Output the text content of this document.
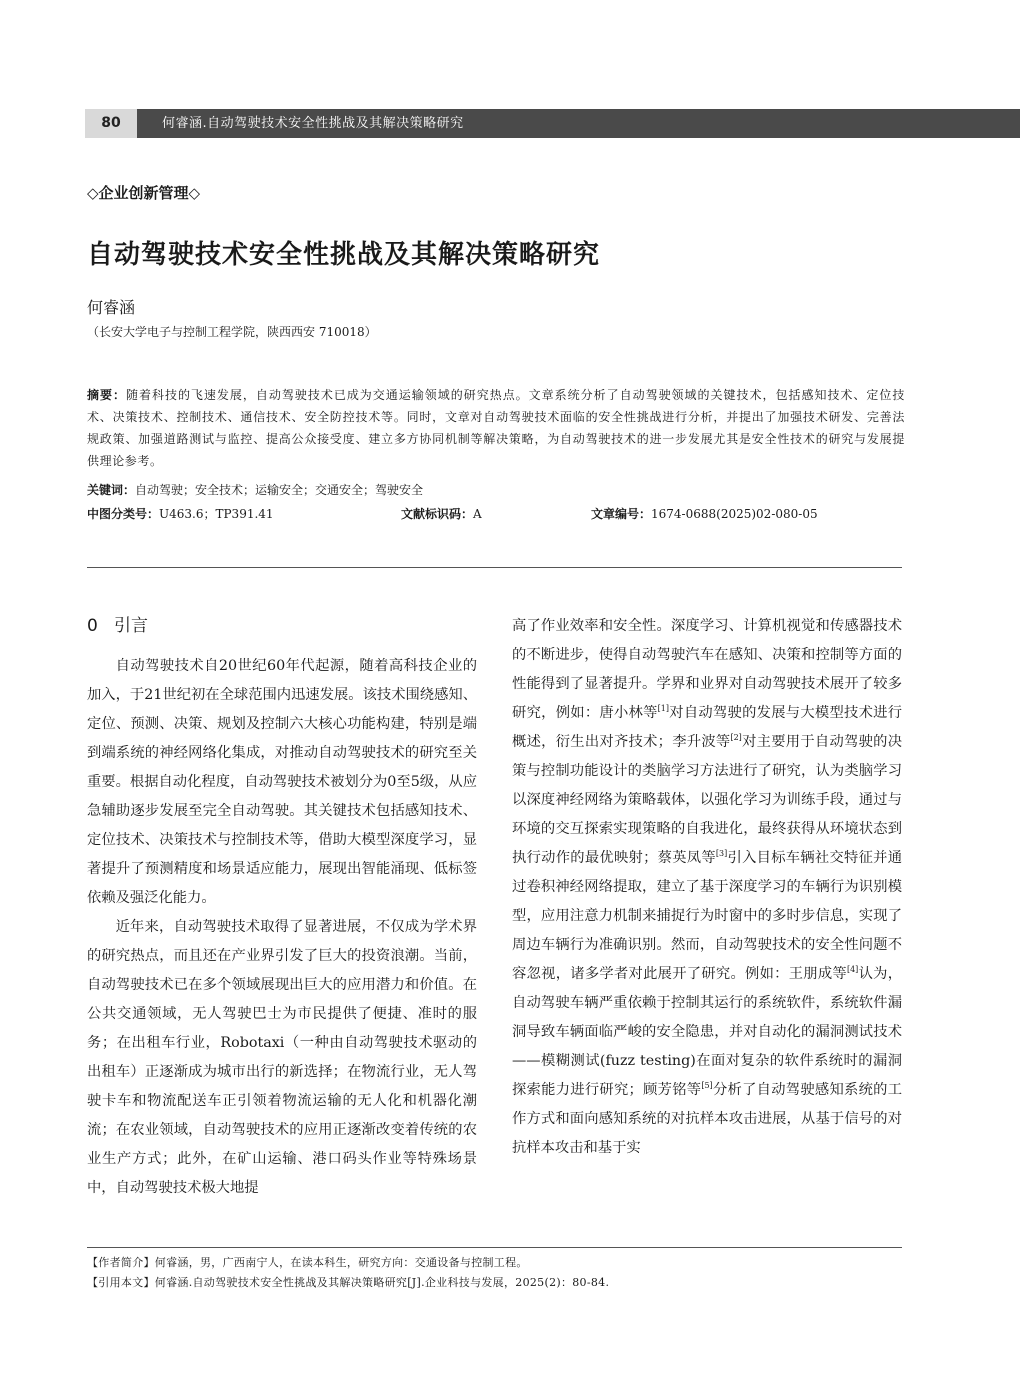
80	何睿涵.自动驾驶技术安全性挑战及其解决策略研究
◇企业创新管理◇
自动驾驶技术安全性挑战及其解决策略研究
何睿涵
（长安大学电子与控制工程学院，陕西西安 710018）
摘要：随着科技的飞速发展，自动驾驶技术已成为交通运输领域的研究热点。文章系统分析了自动驾驶领域的关键技术，包括感知技术、定位技术、决策技术、控制技术、通信技术、安全防控技术等。同时，文章对自动驾驶技术面临的安全性挑战进行分析，并提出了加强技术研发、完善法规政策、加强道路测试与监控、提高公众接受度、建立多方协同机制等解决策略，为自动驾驶技术的进一步发展尤其是安全性技术的研究与发展提供理论参考。
关键词：自动驾驶；安全技术；运输安全；交通安全；驾驶安全
中图分类号：U463.6；TP391.41	文献标识码：A	文章编号：1674-0688(2025)02-080-05

0 引言

自动驾驶技术自20世纪60年代起源，随着高科技企业的加入，于21世纪初在全球范围内迅速发展。该技术围绕感知、定位、预测、决策、规划及控制六大核心功能构建，特别是端到端系统的神经网络化集成，对推动自动驾驶技术的研究至关重要。根据自动化程度，自动驾驶技术被划分为0至5级，从应急辅助逐步发展至完全自动驾驶。其关键技术包括感知技术、定位技术、决策技术与控制技术等，借助大模型深度学习，显著提升了预测精度和场景适应能力，展现出智能涌现、低标签依赖及强泛化能力。

近年来，自动驾驶技术取得了显著进展，不仅成为学术界的研究热点，而且还在产业界引发了巨大的投资浪潮。当前，自动驾驶技术已在多个领域展现出巨大的应用潜力和价值。在公共交通领域，无人驾驶巴士为市民提供了便捷、准时的服务；在出租车行业，Robotaxi（一种由自动驾驶技术驱动的出租车）正逐渐成为城市出行的新选择；在物流行业，无人驾驶卡车和物流配送车正引领着物流运输的无人化和机器化潮流；在农业领域，自动驾驶技术的应用正逐渐改变着传统的农业生产方式；此外，在矿山运输、港口码头作业等特殊场景中，自动驾驶技术极大地提

高了作业效率和安全性。深度学习、计算机视觉和传感器技术的不断进步，使得自动驾驶汽车在感知、决策和控制等方面的性能得到了显著提升。学界和业界对自动驾驶技术展开了较多研究，例如：唐小林等[1]对自动驾驶的发展与大模型技术进行概述，衍生出对齐技术；李升波等[2]对主要用于自动驾驶的决策与控制功能设计的类脑学习方法进行了研究，认为类脑学习以深度神经网络为策略载体，以强化学习为训练手段，通过与环境的交互探索实现策略的自我进化，最终获得从环境状态到执行动作的最优映射；蔡英凤等[3]引入目标车辆社交特征并通过卷积神经网络提取，建立了基于深度学习的车辆行为识别模型，应用注意力机制来捕捉行为时窗中的多时步信息，实现了周边车辆行为准确识别。然而，自动驾驶技术的安全性问题不容忽视，诸多学者对此展开了研究。例如：王朋成等[4]认为，自动驾驶车辆严重依赖于控制其运行的系统软件，系统软件漏洞导致车辆面临严峻的安全隐患，并对自动化的漏洞测试技术——模糊测试(fuzz testing)在面对复杂的软件系统时的漏洞探索能力进行研究；顾芳铭等[5]分析了自动驾驶感知系统的工作方式和面向感知系统的对抗样本攻击进展，从基于信号的对抗样本攻击和基于实

【作者简介】何睿涵，男，广西南宁人，在读本科生，研究方向：交通设备与控制工程。
【引用本文】何睿涵.自动驾驶技术安全性挑战及其解决策略研究[J].企业科技与发展，2025(2)：80-84.
